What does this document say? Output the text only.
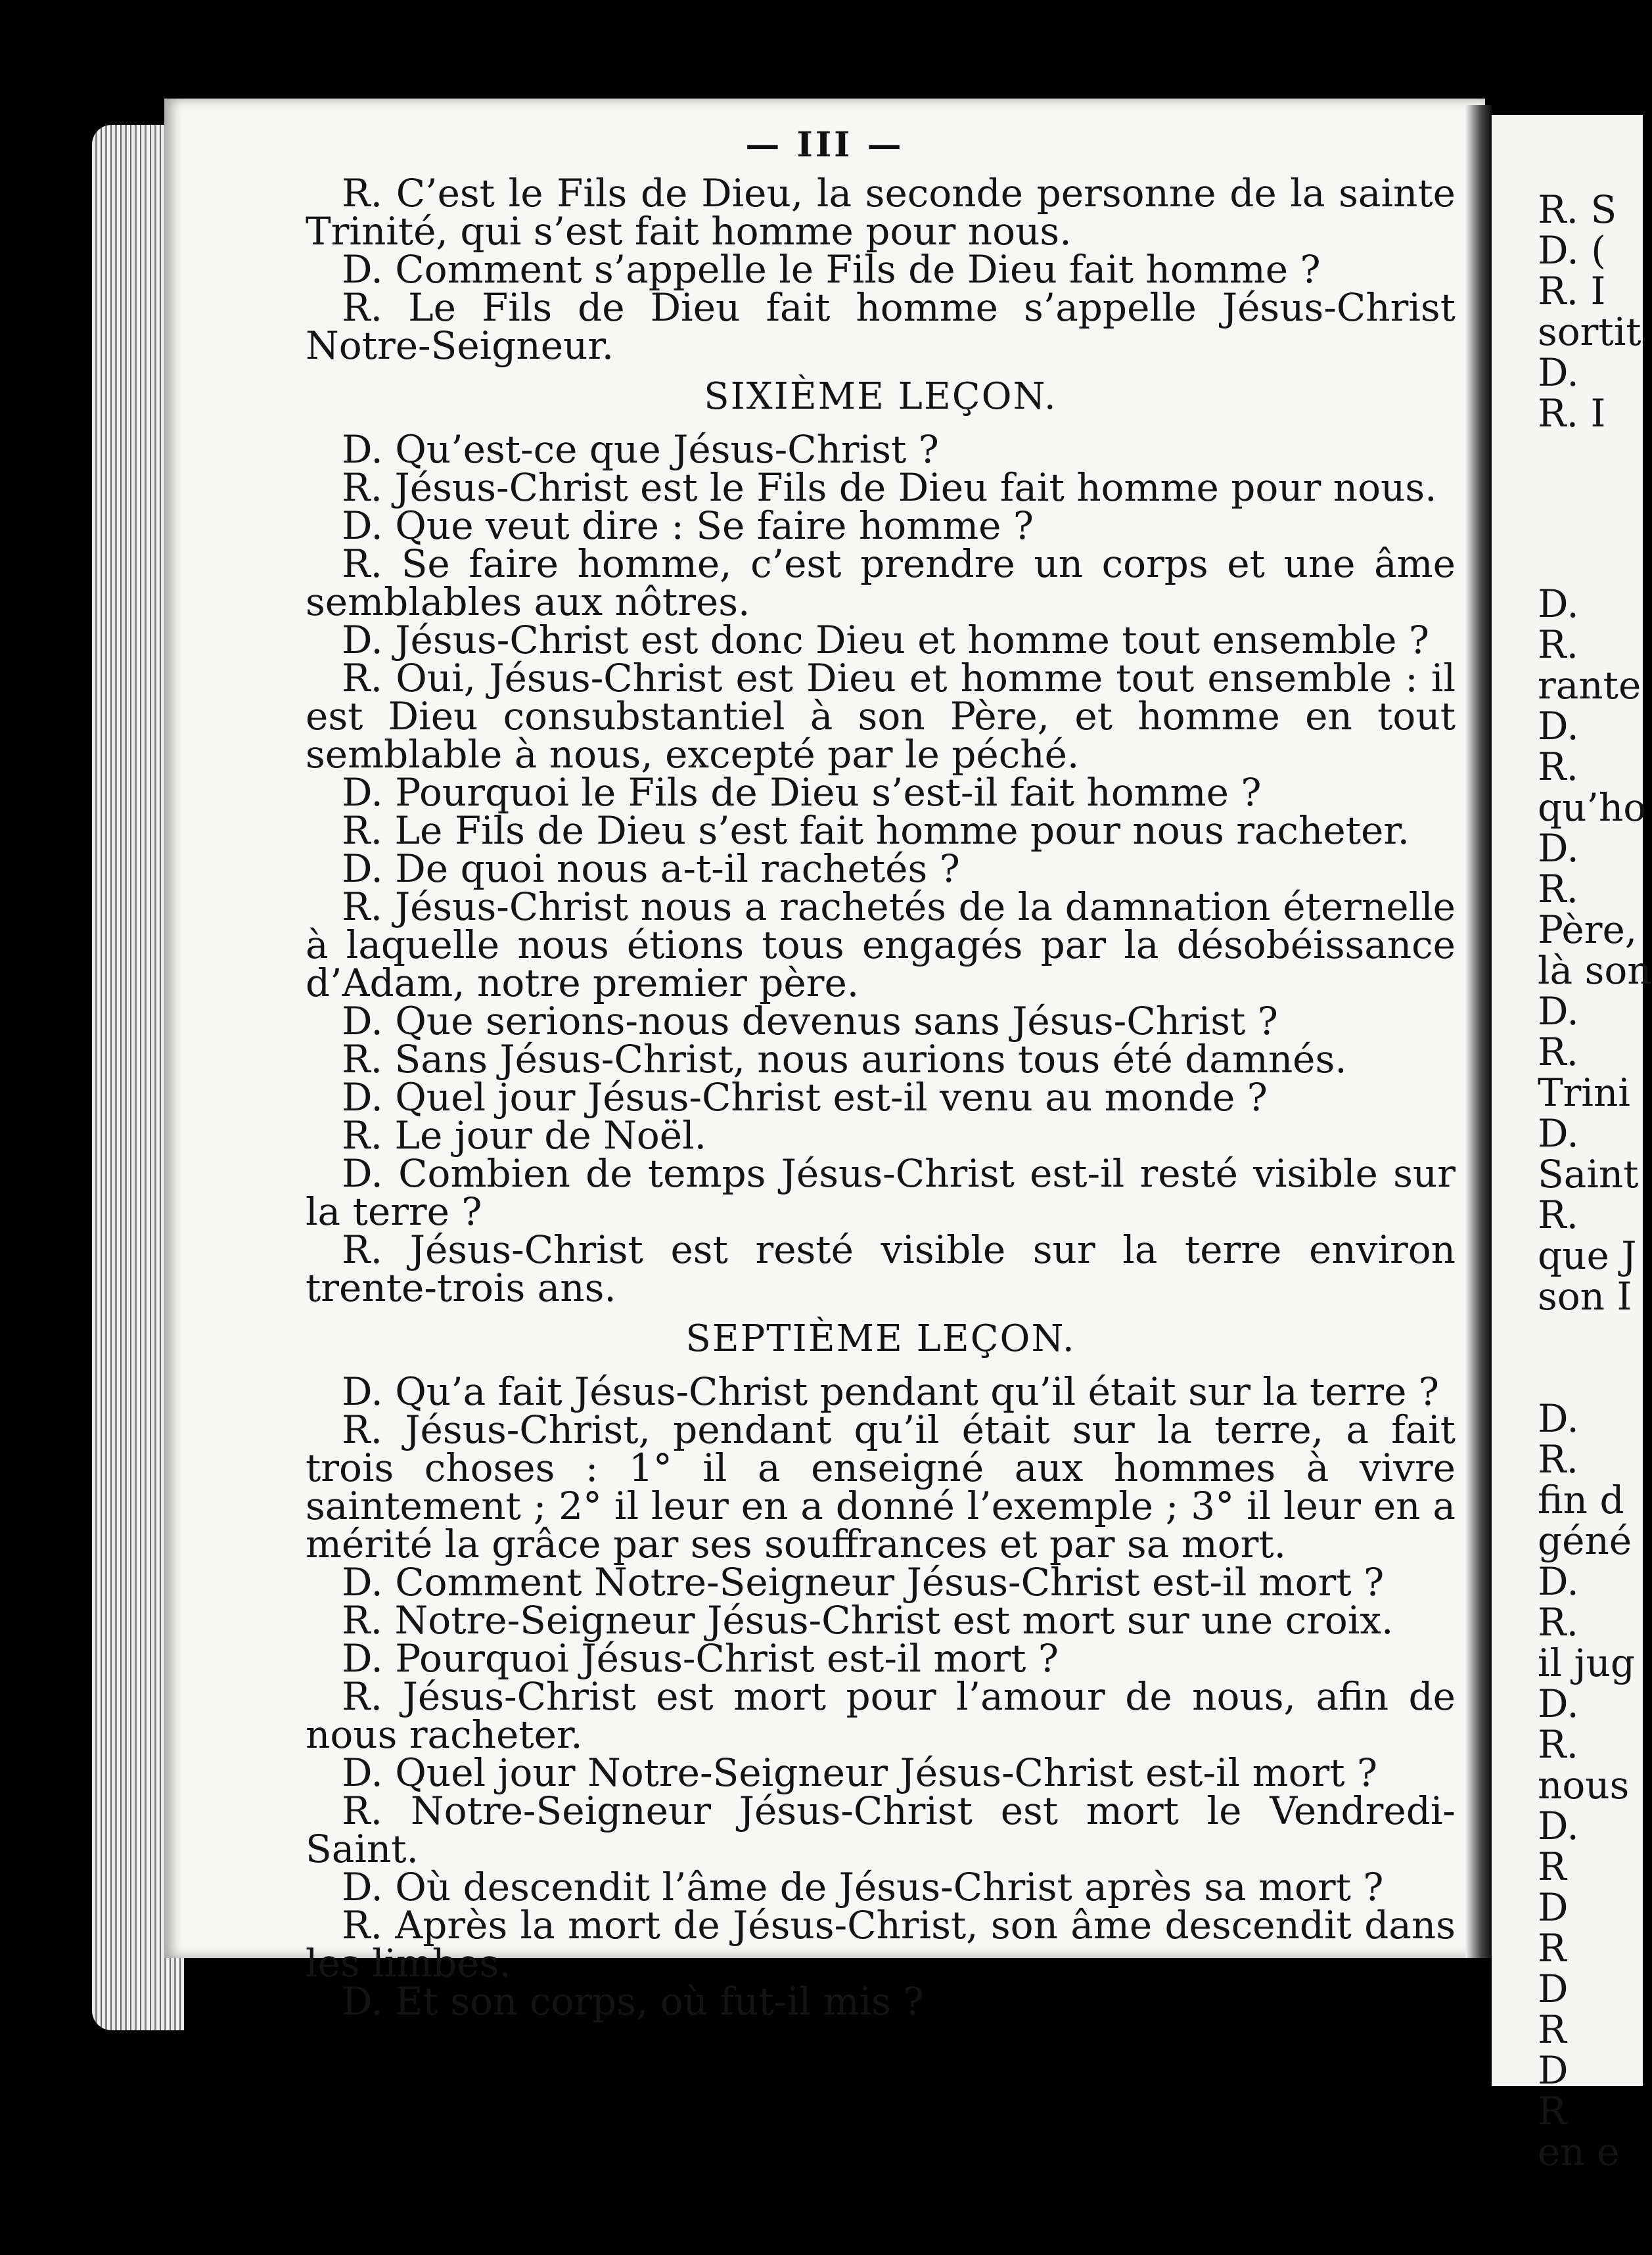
— III —

R. C’est le Fils de Dieu, la seconde personne de la sainte Trinité, qui s’est fait homme pour nous.

D. Comment s’appelle le Fils de Dieu fait homme ?

R. Le Fils de Dieu fait homme s’appelle Jésus-Christ Notre-Seigneur.

SIXIÈME LEÇON.

D. Qu’est-ce que Jésus-Christ ?

R. Jésus-Christ est le Fils de Dieu fait homme pour nous.

D. Que veut dire : Se faire homme ?

R. Se faire homme, c’est prendre un corps et une âme semblables aux nôtres.

D. Jésus-Christ est donc Dieu et homme tout ensemble ?

R. Oui, Jésus-Christ est Dieu et homme tout ensemble : il est Dieu consubstantiel à son Père, et homme en tout semblable à nous, excepté par le péché.

D. Pourquoi le Fils de Dieu s’est-il fait homme ?

R. Le Fils de Dieu s’est fait homme pour nous racheter.

D. De quoi nous a-t-il rachetés ?

R. Jésus-Christ nous a rachetés de la damnation éternelle à laquelle nous étions tous engagés par la désobéissance d’Adam, notre premier père.

D. Que serions-nous devenus sans Jésus-Christ ?

R. Sans Jésus-Christ, nous aurions tous été damnés.

D. Quel jour Jésus-Christ est-il venu au monde ?

R. Le jour de Noël.

D. Combien de temps Jésus-Christ est-il resté visible sur la terre ?

R. Jésus-Christ est resté visible sur la terre environ trente-trois ans.

SEPTIÈME LEÇON.

D. Qu’a fait Jésus-Christ pendant qu’il était sur la terre ?

R. Jésus-Christ, pendant qu’il était sur la terre, a fait trois choses : 1° il a enseigné aux hommes à vivre saintement ; 2° il leur en a donné l’exemple ; 3° il leur en a mérité la grâce par ses souffrances et par sa mort.

D. Comment Notre-Seigneur Jésus-Christ est-il mort ?

R. Notre-Seigneur Jésus-Christ est mort sur une croix.

D. Pourquoi Jésus-Christ est-il mort ?

R. Jésus-Christ est mort pour l’amour de nous, afin de nous racheter.

D. Quel jour Notre-Seigneur Jésus-Christ est-il mort ?

R. Notre-Seigneur Jésus-Christ est mort le Vendredi-Saint.

D. Où descendit l’âme de Jésus-Christ après sa mort ?

R. Après la mort de Jésus-Christ, son âme descendit dans les limbes.

D. Et son corps, où fut-il mis ?

R. S
D. (
R. I
sortit
D.
R. I
D.
R.
rante
D.
R.
qu’ho
D.
R.
Père,
là son
D.
R.
Trini
D.
Saint
R.
que J
son I
D.
R.
fin d
géné
D.
R.
il jug
D.
R.
nous
D.
R
D
R
D
R
D
R
en e
